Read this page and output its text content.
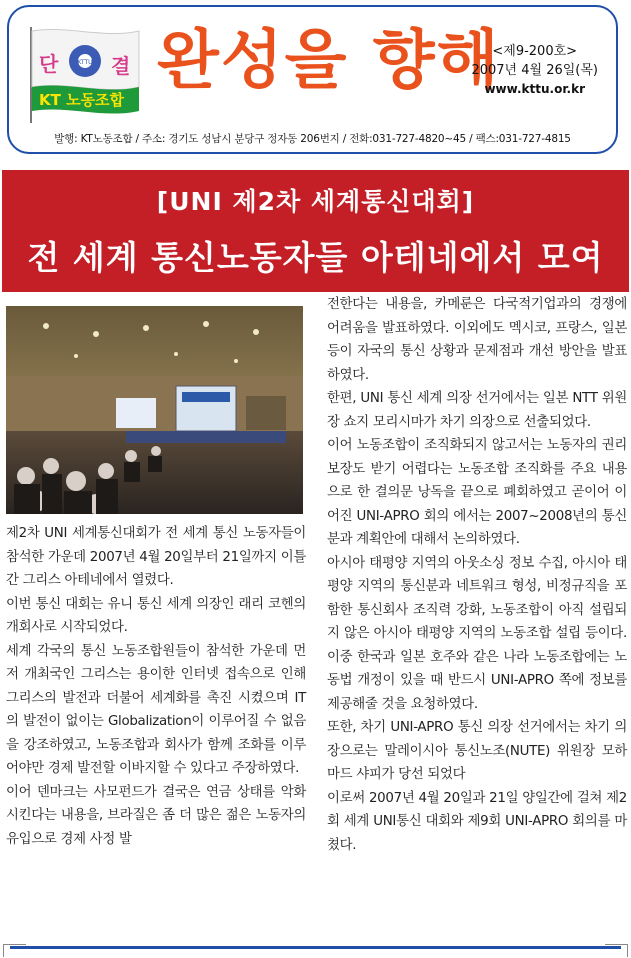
단	결
KTTU
KT 노동조합
완성을 향해
<제9-200호>
2007년 4월 26일(목)
www.kttu.or.kr
발행: KT노동조합 / 주소: 경기도 성남시 분당구 정자동 206번지 / 전화:031-727-4820~45 / 팩스:031-727-4815
[UNI 제2차 세계통신대회]
전 세계 통신노동자들 아테네에서 모여

제2차 UNI 세계통신대회가 전 세계 통신 노동자들이 참석한 가운데 2007년 4월 20일부터 21일까지 이틀간 그리스 아테네에서 열렸다.

이번 통신 대회는 유니 통신 세계 의장인 래리 코헨의 개회사로 시작되었다.

세계 각국의 통신 노동조합원들이 참석한 가운데 먼저 개최국인 그리스는 용이한 인터넷 접속으로 인해 그리스의 발전과 더불어 세계화를 촉진 시켰으며 IT의 발전이 없이는 Globalization이 이루어질 수 없음을 강조하였고, 노동조합과 회사가 함께 조화를 이루어야만 경제 발전할 이바지할 수 있다고 주장하였다.

이어 덴마크는 사모펀드가 결국은 연금 상태를 악화시킨다는 내용을, 브라질은 좀 더 많은 젊은 노동자의 유입으로 경제 사정 발

전한다는 내용을, 카메룬은 다국적기업과의 경쟁에 어려움을 발표하였다. 이외에도 멕시코, 프랑스, 일본 등이 자국의 통신 상황과 문제점과 개선 방안을 발표하였다.

한편, UNI 통신 세계 의장 선거에서는 일본 NTT 위원장 쇼지 모리시마가 차기 의장으로 선출되었다.

이어 노동조합이 조직화되지 않고서는 노동자의 권리보장도 받기 어렵다는 노동조합 조직화를 주요 내용으로 한 결의문 낭독을 끝으로 폐회하였고 곧이어 이어진 UNI-APRO 회의 에서는 2007~2008년의 통신 분과 계획안에 대해서 논의하였다.

아시아 태평양 지역의 아웃소싱 정보 수집, 아시아 태평양 지역의 통신분과 네트워크 형성, 비정규직을 포함한 통신회사 조직력 강화, 노동조합이 아직 설립되지 않은 아시아 태평양 지역의 노동조합 설립 등이다. 이중 한국과 일본 호주와 같은 나라 노동조합에는 노동법 개정이 있을 때 반드시 UNI-APRO 쪽에 정보를 제공해줄 것을 요청하였다.

또한, 차기 UNI-APRO 통신 의장 선거에서는 차기 의장으로는 말레이시아 통신노조(NUTE) 위원장 모하마드 샤피가 당선 되었다

이로써 2007년 4월 20일과 21일 양일간에 걸쳐 제2회 세계 UNI통신 대회와 제9회 UNI-APRO 회의를 마쳤다.
